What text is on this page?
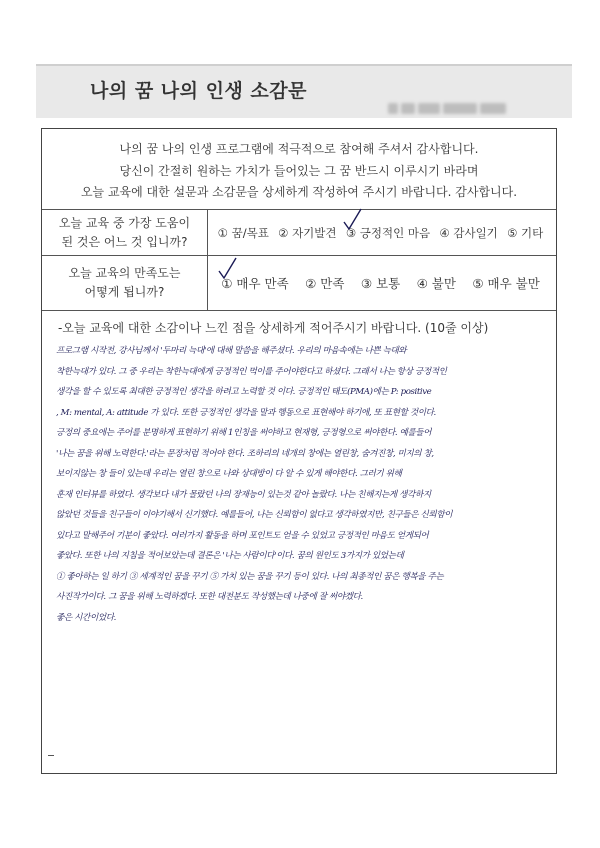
나의 꿈 나의 인생 소감문
나의 꿈 나의 인생 프로그램에 적극적으로 참여해 주셔서 감사합니다.
당신이 간절히 원하는 가치가 들어있는 그 꿈 반드시 이루시기 바라며
오늘 교육에 대한 설문과 소감문을 상세하게 작성하여 주시기 바랍니다. 감사합니다.
오늘 교육 중 가장 도움이
된 것은 어느 것 입니까?
① 꿈/목표 ② 자기발견 ③ 긍정적인 마음 ④ 감사일기 ⑤ 기타
오늘 교육의 만족도는
어떻게 됩니까?
① 매우 만족 ② 만족 ③ 보통 ④ 불만 ⑤ 매우 불만
-오늘 교육에 대한 소감이나 느낀 점을 상세하게 적어주시기 바랍니다. (10줄 이상)
프로그램 시작전, 강사님께서 '두마리 늑대'에 대해 말씀을 해주셨다. 우리의 마음속에는 나쁜 늑대와
착한늑대가 있다. 그 중 우리는 착한늑대에게 긍정적인 먹이를 주어야한다고 하셨다. 그래서 나는 항상 긍정적인
생각을 할 수 있도록 최대한 긍정적인 생각을 하려고 노력할 것 이다. 긍정적인 태도(PMA)에는 P: positive
, M: mental, A: attitude 가 있다. 또한 긍정적인 생각을 말과 행동으로 표현해야 하기에, 또 표현할 것이다.
긍정의 중요에는 주어를 분명하게 표현하기 위해 1인칭을 써야하고 현재형, 긍정형으로 써야한다. 예를들어
'나는 꿈을 위해 노력한다.'라는 문장처럼 적어야 한다. 조하리의 네개의 창에는 열린창, 숨겨진창, 미지의 창,
보이지않는 창 들이 있는데 우리는 열린 창으로 나와 상대방이 다 알 수 있게 해야한다. 그러기 위해
훈재 인터뷰를 하였다. 생각보다 내가 몰랐던 나의 장재능이 있는것 같아 놀랐다. 나는 친해지는게 생각하지
않았던 것들을 친구들이 이야기해서 신기했다. 예를들어, 나는 신뢰함이 없다고 생각하였지만, 친구들은 신뢰함이
있다고 말해주어 기분이 좋았다. 여러가지 활동을 하며 포인트도 얻을 수 있었고 긍정적인 마음도 얻게되어
좋았다. 또한 나의 지침을 적어보았는데 결론은 '나는 사람이다'이다. 꿈의 원인도 3가지가 있었는데
① 좋아하는 일 하기 ③ 세계적인 꿈을 꾸기 ⑤ 가치 있는 꿈을 꾸기 등이 있다. 나의 최종적인 꿈은 행복을 주는
사진작가이다. 그 꿈을 위해 노력하겠다. 또한 대전분도 작성했는데 나중에 잘 써야겠다.
좋은 시간이었다.
